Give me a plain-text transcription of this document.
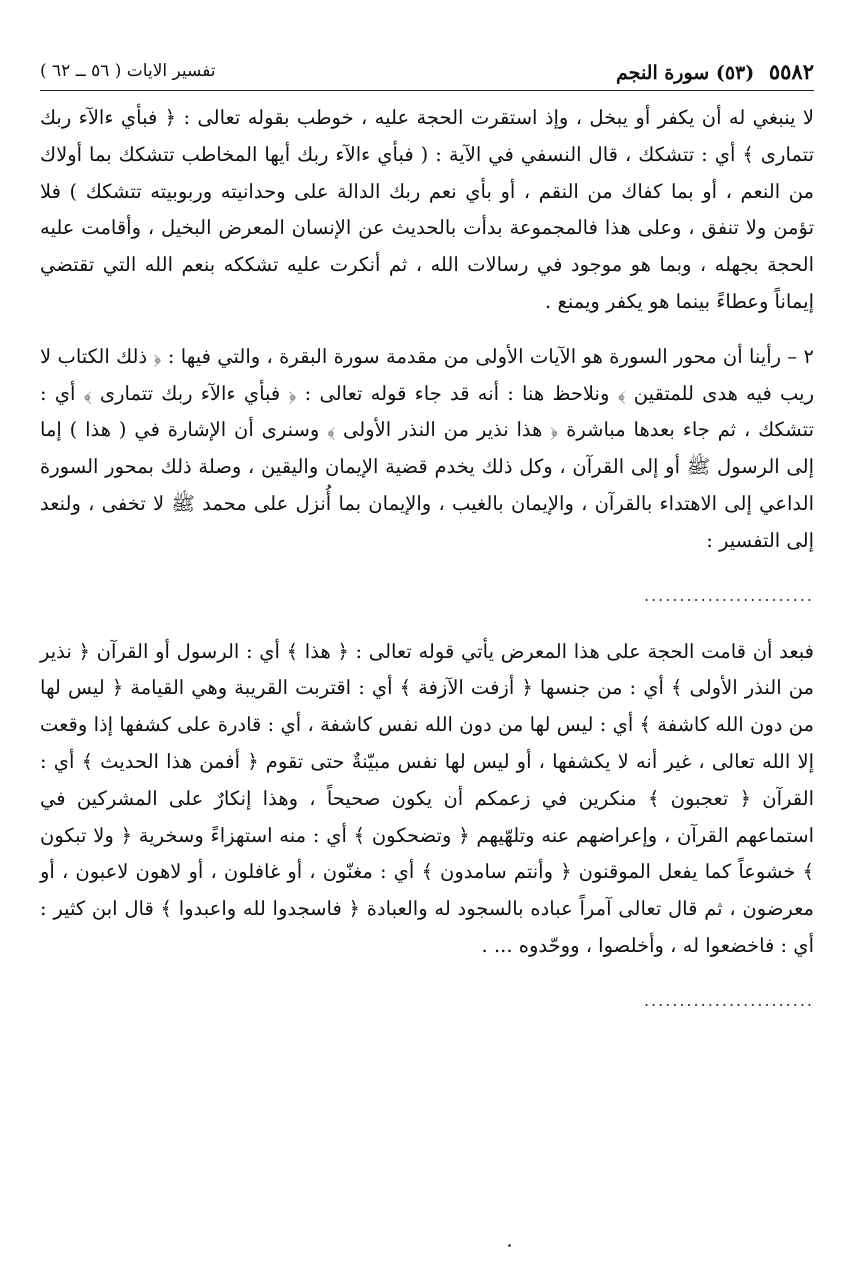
٥٥٨٢ (٥٣) سورة النجم
تفسير الايات ( ٥٦ ــ ٦٢ )

لا ينبغي له أن يكفر أو يبخل ، وإذ استقرت الحجة عليه ، خوطب بقوله تعالى : ﴿ فبأي ءالآء ربك تتمارى ﴾ أي : تتشكك ، قال النسفي في الآية : ( فبأي ءالآء ربك أيها المخاطب تتشكك بما أولاك من النعم ، أو بما كفاك من النقم ، أو بأي نعم ربك الدالة على وحدانيته وربوبيته تتشكك ) فلا تؤمن ولا تنفق ، وعلى هذا فالمجموعة بدأت بالحديث عن الإنسان المعرض البخيل ، وأقامت عليه الحجة بجهله ، وبما هو موجود في رسالات الله ، ثم أنكرت عليه تشككه بنعم الله التي تقتضي إيماناً وعطاءً بينما هو يكفر ويمنع .

٢ – رأينا أن محور السورة هو الآيات الأولى من مقدمة سورة البقرة ، والتي فيها : ﴿ ذلك الكتاب لا ريب فيه هدى للمتقين ﴾ ونلاحظ هنا : أنه قد جاء قوله تعالى : ﴿ فبأي ءالآء ربك تتمارى ﴾ أي : تتشكك ، ثم جاء بعدها مباشرة ﴿ هذا نذير من النذر الأولى ﴾ وسنرى أن الإشارة في ( هذا ) إما إلى الرسول ﷺ أو إلى القرآن ، وكل ذلك يخدم قضية الإيمان واليقين ، وصلة ذلك بمحور السورة الداعي إلى الاهتداء بالقرآن ، والإيمان بالغيب ، والإيمان بما أُنزل على محمد ﷺ لا تخفى ، ولنعد إلى التفسير :

........................

فبعد أن قامت الحجة على هذا المعرض يأتي قوله تعالى : ﴿ هذا ﴾ أي : الرسول أو القرآن ﴿ نذير من النذر الأولى ﴾ أي : من جنسها ﴿ أزفت الآزفة ﴾ أي : اقتربت القريبة وهي القيامة ﴿ ليس لها من دون الله كاشفة ﴾ أي : ليس لها من دون الله نفس كاشفة ، أي : قادرة على كشفها إذا وقعت إلا الله تعالى ، غير أنه لا يكشفها ، أو ليس لها نفس مبيّنةٌ حتى تقوم ﴿ أفمن هذا الحديث ﴾ أي : القرآن ﴿ تعجبون ﴾ منكرين في زعمكم أن يكون صحيحاً ، وهذا إنكارٌ على المشركين في استماعهم القرآن ، وإعراضهم عنه وتلهّيهم ﴿ وتضحكون ﴾ أي : منه استهزاءً وسخرية ﴿ ولا تبكون ﴾ خشوعاً كما يفعل الموقنون ﴿ وأنتم سامدون ﴾ أي : مغنّون ، أو غافلون ، أو لاهون لاعبون ، أو معرضون ، ثم قال تعالى آمراً عباده بالسجود له والعبادة ﴿ فاسجدوا لله واعبدوا ﴾ قال ابن كثير : أي : فاخضعوا له ، وأخلصوا ، ووحّدوه ... .

........................
